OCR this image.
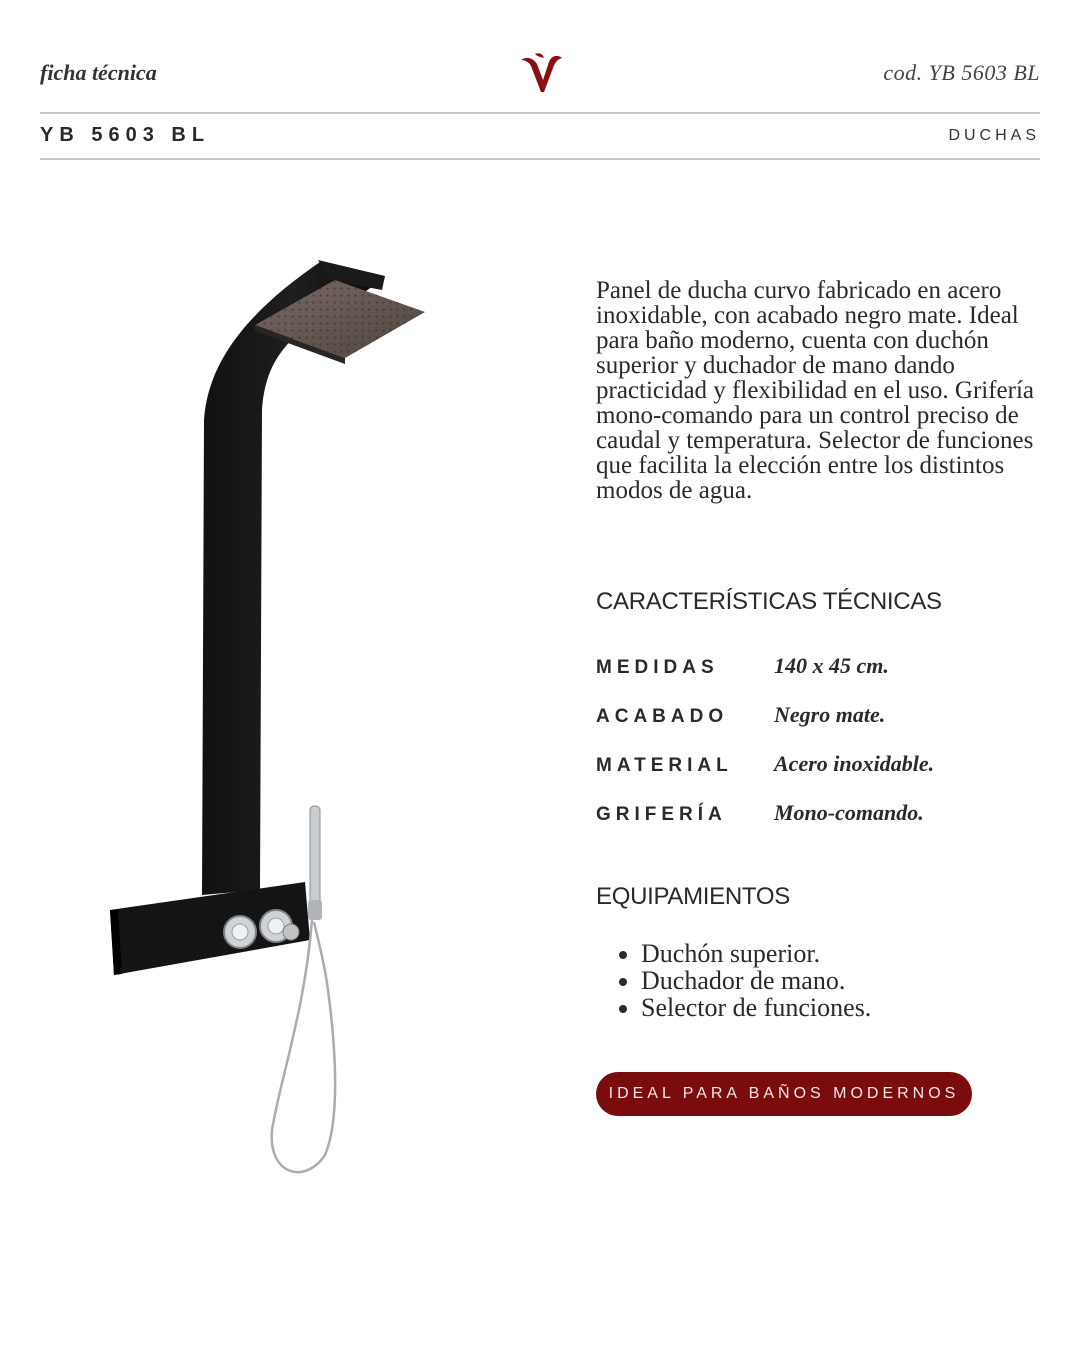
ficha técnica	cod. YB 5603 BL
YB 5603 BL	DUCHAS

Panel de ducha curvo fabricado en acero inoxidable, con acabado negro mate. Ideal para baño moderno, cuenta con duchón superior y duchador de mano dando practicidad y flexibilidad en el uso. Grifería mono-comando para un control preciso de caudal y temperatura. Selector de funciones que facilita la elección entre los distintos modos de agua.

CARACTERÍSTICAS TÉCNICAS
MEDIDAS	140 x 45 cm.
ACABADO Negro mate.
MATERIAL Acero inoxidable.
GRIFERÍA Mono-comando.
EQUIPAMIENTOS
• Duchón superior.
• Duchador de mano.
• Selector de funciones.
IDEAL PARA BAÑOS MODERNOS
